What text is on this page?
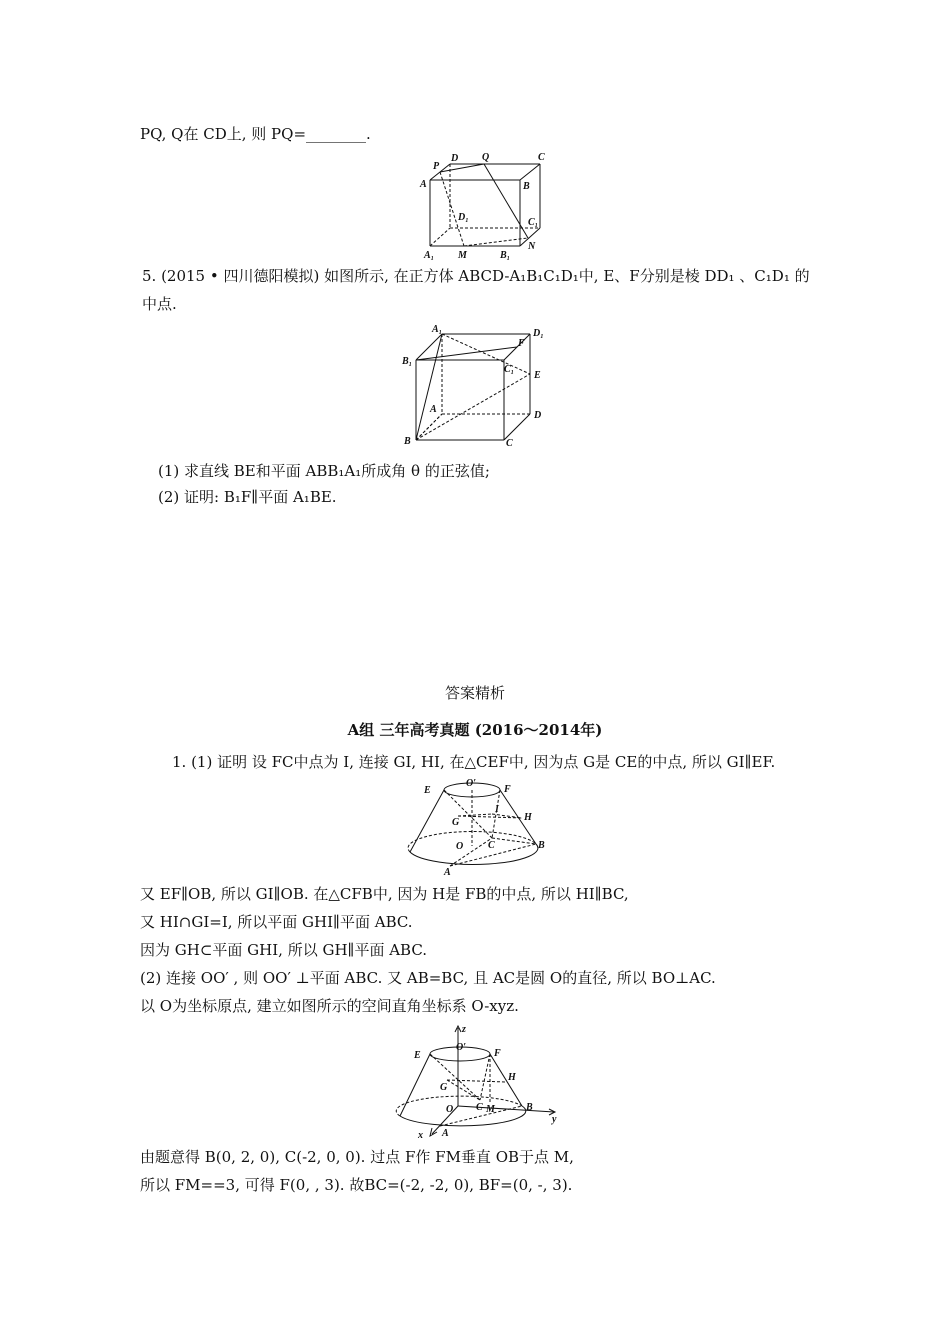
PQ, Q在 CD上, 则 PQ=________.
P
D Q	C
A	B
D₁	C₁
A₁ M	B₁
N
5. (2015 • 四川德阳模拟) 如图所示, 在正方体 ABCD-A₁B₁C₁D₁中, E、F分别是棱 DD₁ 、C₁D₁ 的
中点.
A₁	D₁
B₁
F
C₁
E
A
D
B	C
(1) 求直线 BE和平面 ABB₁A₁所成角 θ 的正弦值;
(2) 证明: B₁F∥平面 A₁BE.
答案精析
A组 三年高考真题 (2016～2014年)
1. (1) 证明 设 FC中点为 I, 连接 GI, HI, 在△CEF中, 因为点 G是 CE的中点, 所以 GI∥EF.
E
O′
F
I
G	H
O C	B
A
又 EF∥OB, 所以 GI∥OB. 在△CFB中, 因为 H是 FB的中点, 所以 HI∥BC,
又 HI∩GI=I, 所以平面 GHI∥平面 ABC.
因为 GH⊂平面 GHI, 所以 GH∥平面 ABC.
(2) 连接 OO′ , 则 OO′ ⊥平面 ABC. 又 AB=BC, 且 AC是圆 O的直径, 所以 BO⊥AC.
以 O为坐标原点, 建立如图所示的空间直角坐标系 O-xyz.
z
E
O′
F
H
G
O C M	B
y
x A
由题意得 B(0, 2, 0), C(-2, 0, 0). 过点 F作 FM垂直 OB于点 M,
所以 FM==3, 可得 F(0, , 3). 故BC=(-2, -2, 0), BF=(0, -, 3).
